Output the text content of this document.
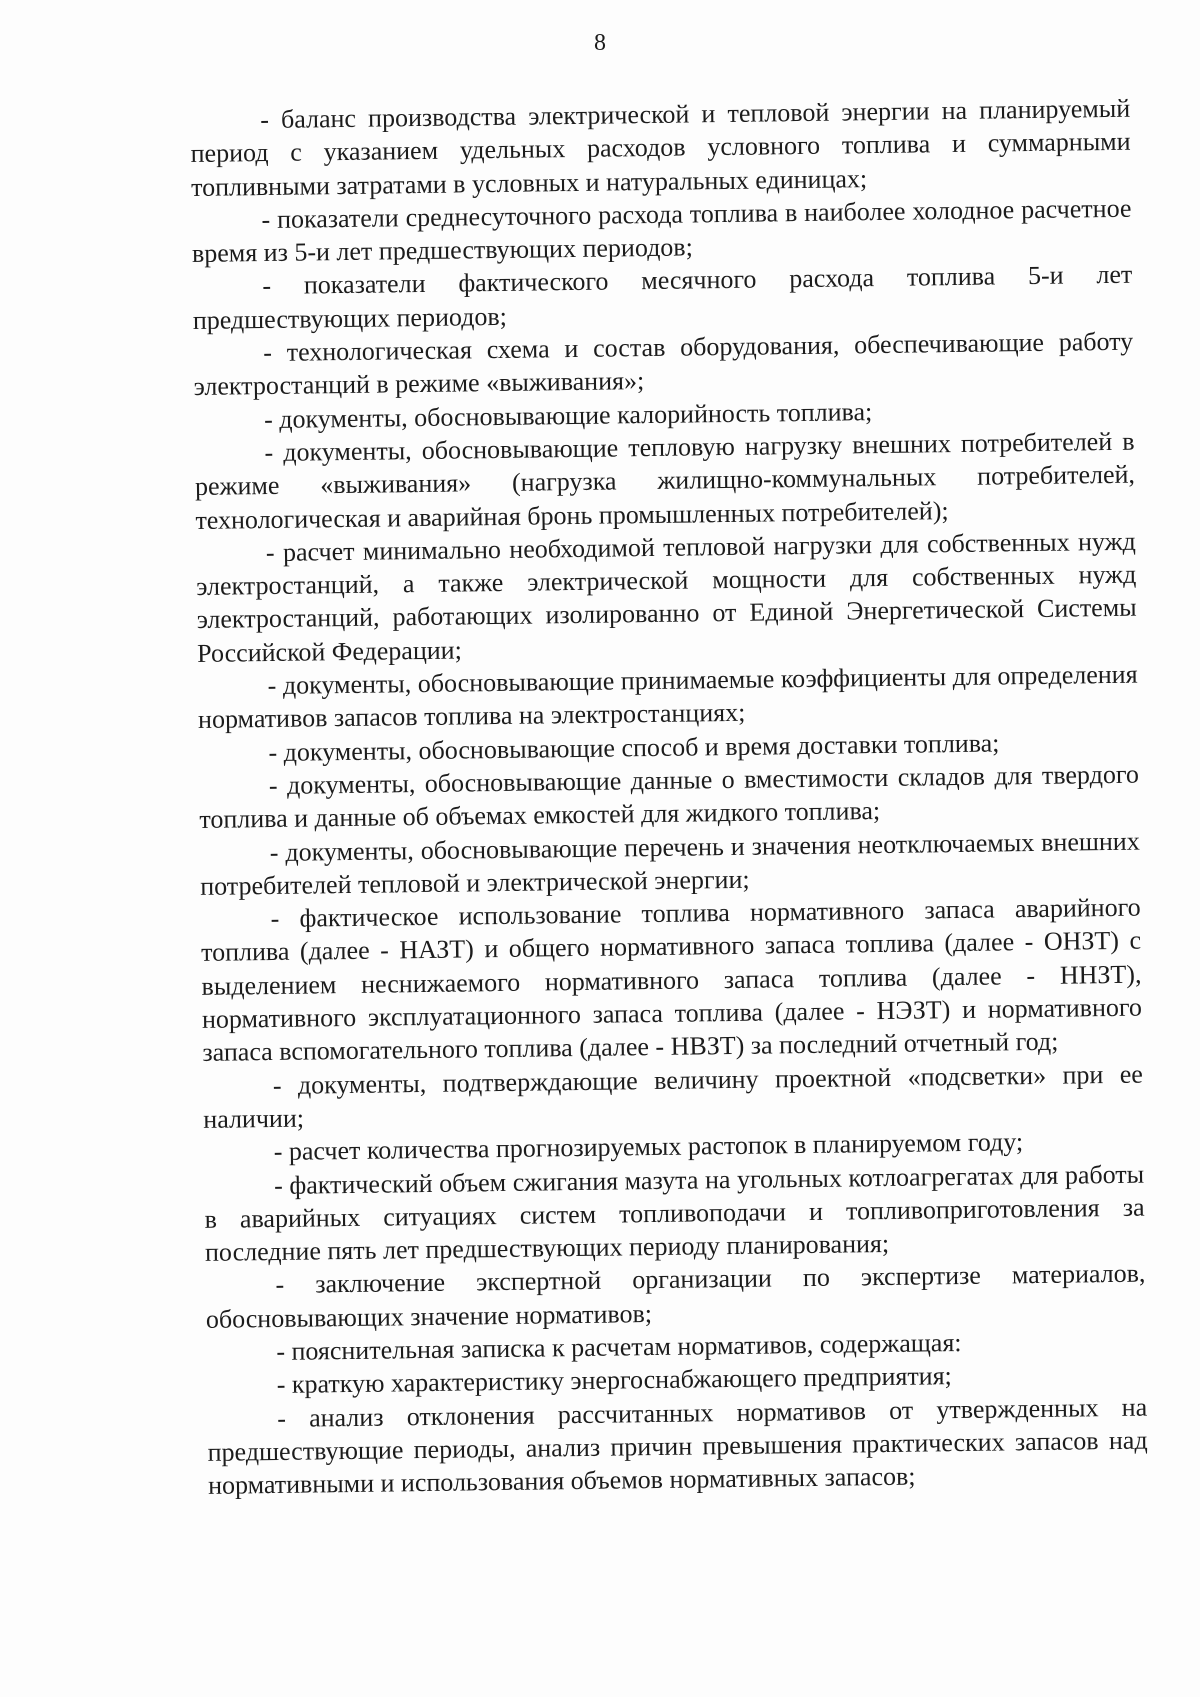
8

- баланс производства электрической и тепловой энергии на планируемый период с указанием удельных расходов условного топлива и суммарными топливными затратами в условных и натуральных единицах;

- показатели среднесуточного расхода топлива в наиболее холодное расчетное время из 5-и лет предшествующих периодов;

- показатели фактического месячного расхода топлива 5-и лет предшествующих периодов;

- технологическая схема и состав оборудования, обеспечивающие работу электростанций в режиме «выживания»;

- документы, обосновывающие калорийность топлива;

- документы, обосновывающие тепловую нагрузку внешних потребителей в режиме «выживания» (нагрузка жилищно-коммунальных потребителей, технологическая и аварийная бронь промышленных потребителей);

- расчет минимально необходимой тепловой нагрузки для собственных нужд электростанций, а также электрической мощности для собственных нужд электростанций, работающих изолированно от Единой Энергетической Системы Российской Федерации;

- документы, обосновывающие принимаемые коэффициенты для определения нормативов запасов топлива на электростанциях;

- документы, обосновывающие способ и время доставки топлива;

- документы, обосновывающие данные о вместимости складов для твердого топлива и данные об объемах емкостей для жидкого топлива;

- документы, обосновывающие перечень и значения неотключаемых внешних потребителей тепловой и электрической энергии;

- фактическое использование топлива нормативного запаса аварийного топлива (далее - НАЗТ) и общего нормативного запаса топлива (далее - ОНЗТ) с выделением неснижаемого нормативного запаса топлива (далее - ННЗТ), нормативного эксплуатационного запаса топлива (далее - НЭЗТ) и нормативного запаса вспомогательного топлива (далее - НВЗТ) за последний отчетный год;

- документы, подтверждающие величину проектной «подсветки» при ее наличии;

- расчет количества прогнозируемых растопок в планируемом году;

- фактический объем сжигания мазута на угольных котлоагрегатах для работы в аварийных ситуациях систем топливоподачи и топливоприготовления за последние пять лет предшествующих периоду планирования;

- заключение экспертной организации по экспертизе материалов, обосновывающих значение нормативов;

- пояснительная записка к расчетам нормативов, содержащая:

- краткую характеристику энергоснабжающего предприятия;

- анализ отклонения рассчитанных нормативов от утвержденных на предшествующие периоды, анализ причин превышения практических запасов над нормативными и использования объемов нормативных запасов;
